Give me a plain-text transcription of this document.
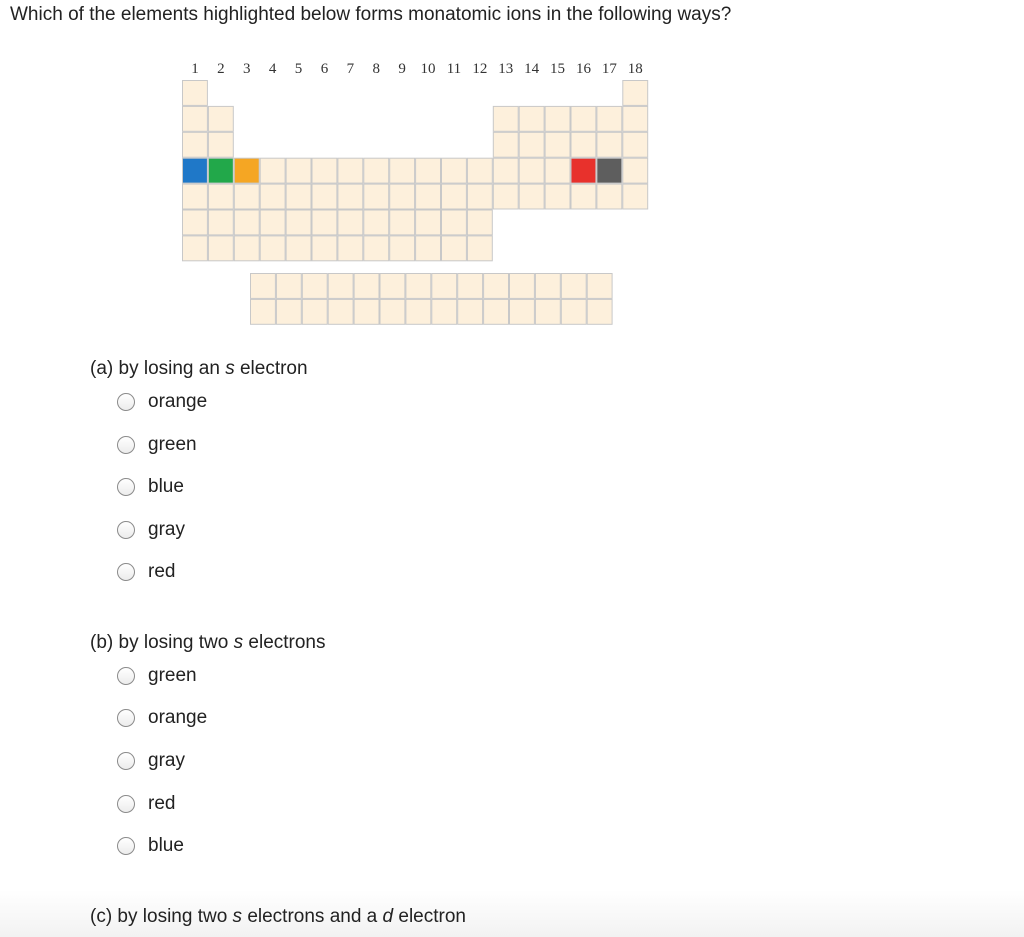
Which of the elements highlighted below forms monatomic ions in the following ways?
1 2 3 4 5 6 7 8 9 10 11 12 13 14 15 16 17 18
(a) by losing an s electron
orange
green
blue
gray
red
(b) by losing two s electrons
green
orange
gray
red
blue
(c) by losing two s electrons and a d electron
